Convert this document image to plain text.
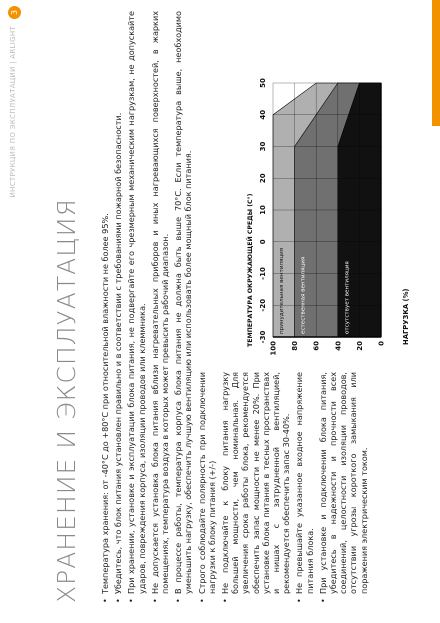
ИНСТРУКЦИЯ ПО ЭКСПЛУАТАЦИИ | ARLIGHT
3
ХРАНЕНИЕ И ЭКСПЛУАТАЦИЯ • Температура хранения: от -40°C до +80°C при относительной влажности не более 95%. • Убедитесь, что блок питания установлен правильно и в соответствии с требованиями пожарной безопасности. • При хранении, установке и эксплуатации блока питания, не подвергайте его чрезмерным механическим нагрузкам, не допускайте ударов, повреждения корпуса, изоляции проводов или клеммника. • Не допускается установка блока питания вблизи нагревательных приборов и иных нагревающихся поверхностей, в жарких помещениях, температура воздуха в которых может превысить рабочий диапазон. • В процессе работы, температура корпуса блока питания не должна быть выше 70°C. Если температура выше, необходимо уменьшить нагрузку, обеспечить лучшую вентиляцию или использовать более мощный блок питания. • Строго соблюдайте полярность при подключении нагрузки к блоку питания (+/-) • Не подключайте к блоку питания нагрузку большей мощности, чем номинальная. Для увеличения срока работы блока, рекомендуется обеспечить запас мощности не менее 20%. При установке блока питания в тесных пространствах и нишах с затрудненной вентиляцией, рекомендуется обеспечить запас 30-40%. • Не превышайте указанное входное напряжение питания блока. • При установке и подключении блока питания, убедитесь в надежности и прочности всех соединений, целостности изоляции проводов, отсутствии угрозы короткого замыкания или поражения электрическим током.
ТЕМПЕРАТУРА ОКРУЖАЮЩЕЙ СРЕДЫ (С°) -30
-20
-10
0
10
20
30
40
50
0
20
40
60
80
100
НАГРУЗКА (%)
принудительная вентиляция	естественная вентиляция	отсутствует вентиляция
